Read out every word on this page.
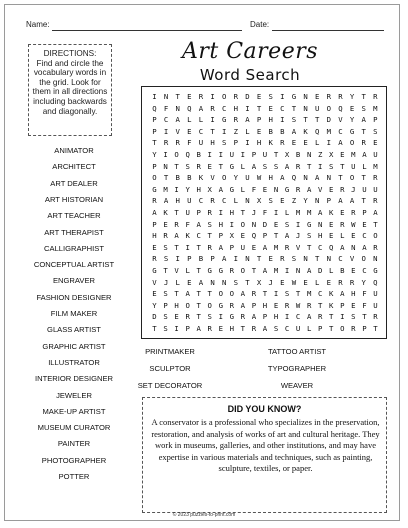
Name:	Date:
DIRECTIONS:
Find and circle the vocabulary words in the grid. Look for them in all directions including backwards and diagonally.
Art Careers
Word Search
ANIMATOR
ARCHITECT
ART DEALER
ART HISTORIAN
ART TEACHER
ART THERAPIST
CALLIGRAPHIST
CONCEPTUAL ARTIST
ENGRAVER
FASHION DESIGNER
FILM MAKER
GLASS ARTIST
GRAPHIC ARTIST
ILLUSTRATOR
INTERIOR DESIGNER
JEWELER
MAKE-UP ARTIST
MUSEUM CURATOR
PAINTER
PHOTOGRAPHER
POTTER
I N T E R I O R D E S I G N E R R Y T R
Q F N Q A R C H I T E C T N U O Q E S M
P C A L L I G R A P H I S T T D V Y A P
P I V E C T I Z L E B B A K Q M C G T S
T R R F U H S P I H K R E E L I A O R E
Y I O Q B I I U I P U T X B N Z X E M A U
P N T S R E T G L A S S A R T I S T U L M
O T B B K V O Y U W H A Q N A N T O T R
G M I Y H X A G L F E N G R A V E R J U U
R A H U C R C L N X S E Z Y N P A A T R
A K T U P R I H T J F I L M M A K E R P A
P E R F A S H I O N D E S I G N E R W E T
H R A K C T P X E Q P T A J S H E L E C O
E S T I T R A P U E A M R V T C Q A N A R
R S I P B P A I N T E R S N T N C V O N
G T V L T G G R O T A M I N A D L B E C G
V J L E A N N S T X J E W E L E R R Y Q
E S T A T T O O A R T I S T M C K A H F U
Y P H O T O G R A P H E R W R T K P E F U
D S E R T S I G R A P H I C A R T I S T R
T S I P A R E H T R A S C U L P T O R P T
PRINTMAKER	TATTOO ARTIST
SCULPTOR	TYPOGRAPHER
SET DECORATOR	WEAVER
DID YOU KNOW?
A conservator is a professional who specializes in the preservation, restoration, and analysis of works of art and cultural heritage. They work in museums, galleries, and other institutions, and may have expertise in various materials and techniques, such as painting, sculpture, textiles, or paper.
© 2023 puzzles-to-print.com
